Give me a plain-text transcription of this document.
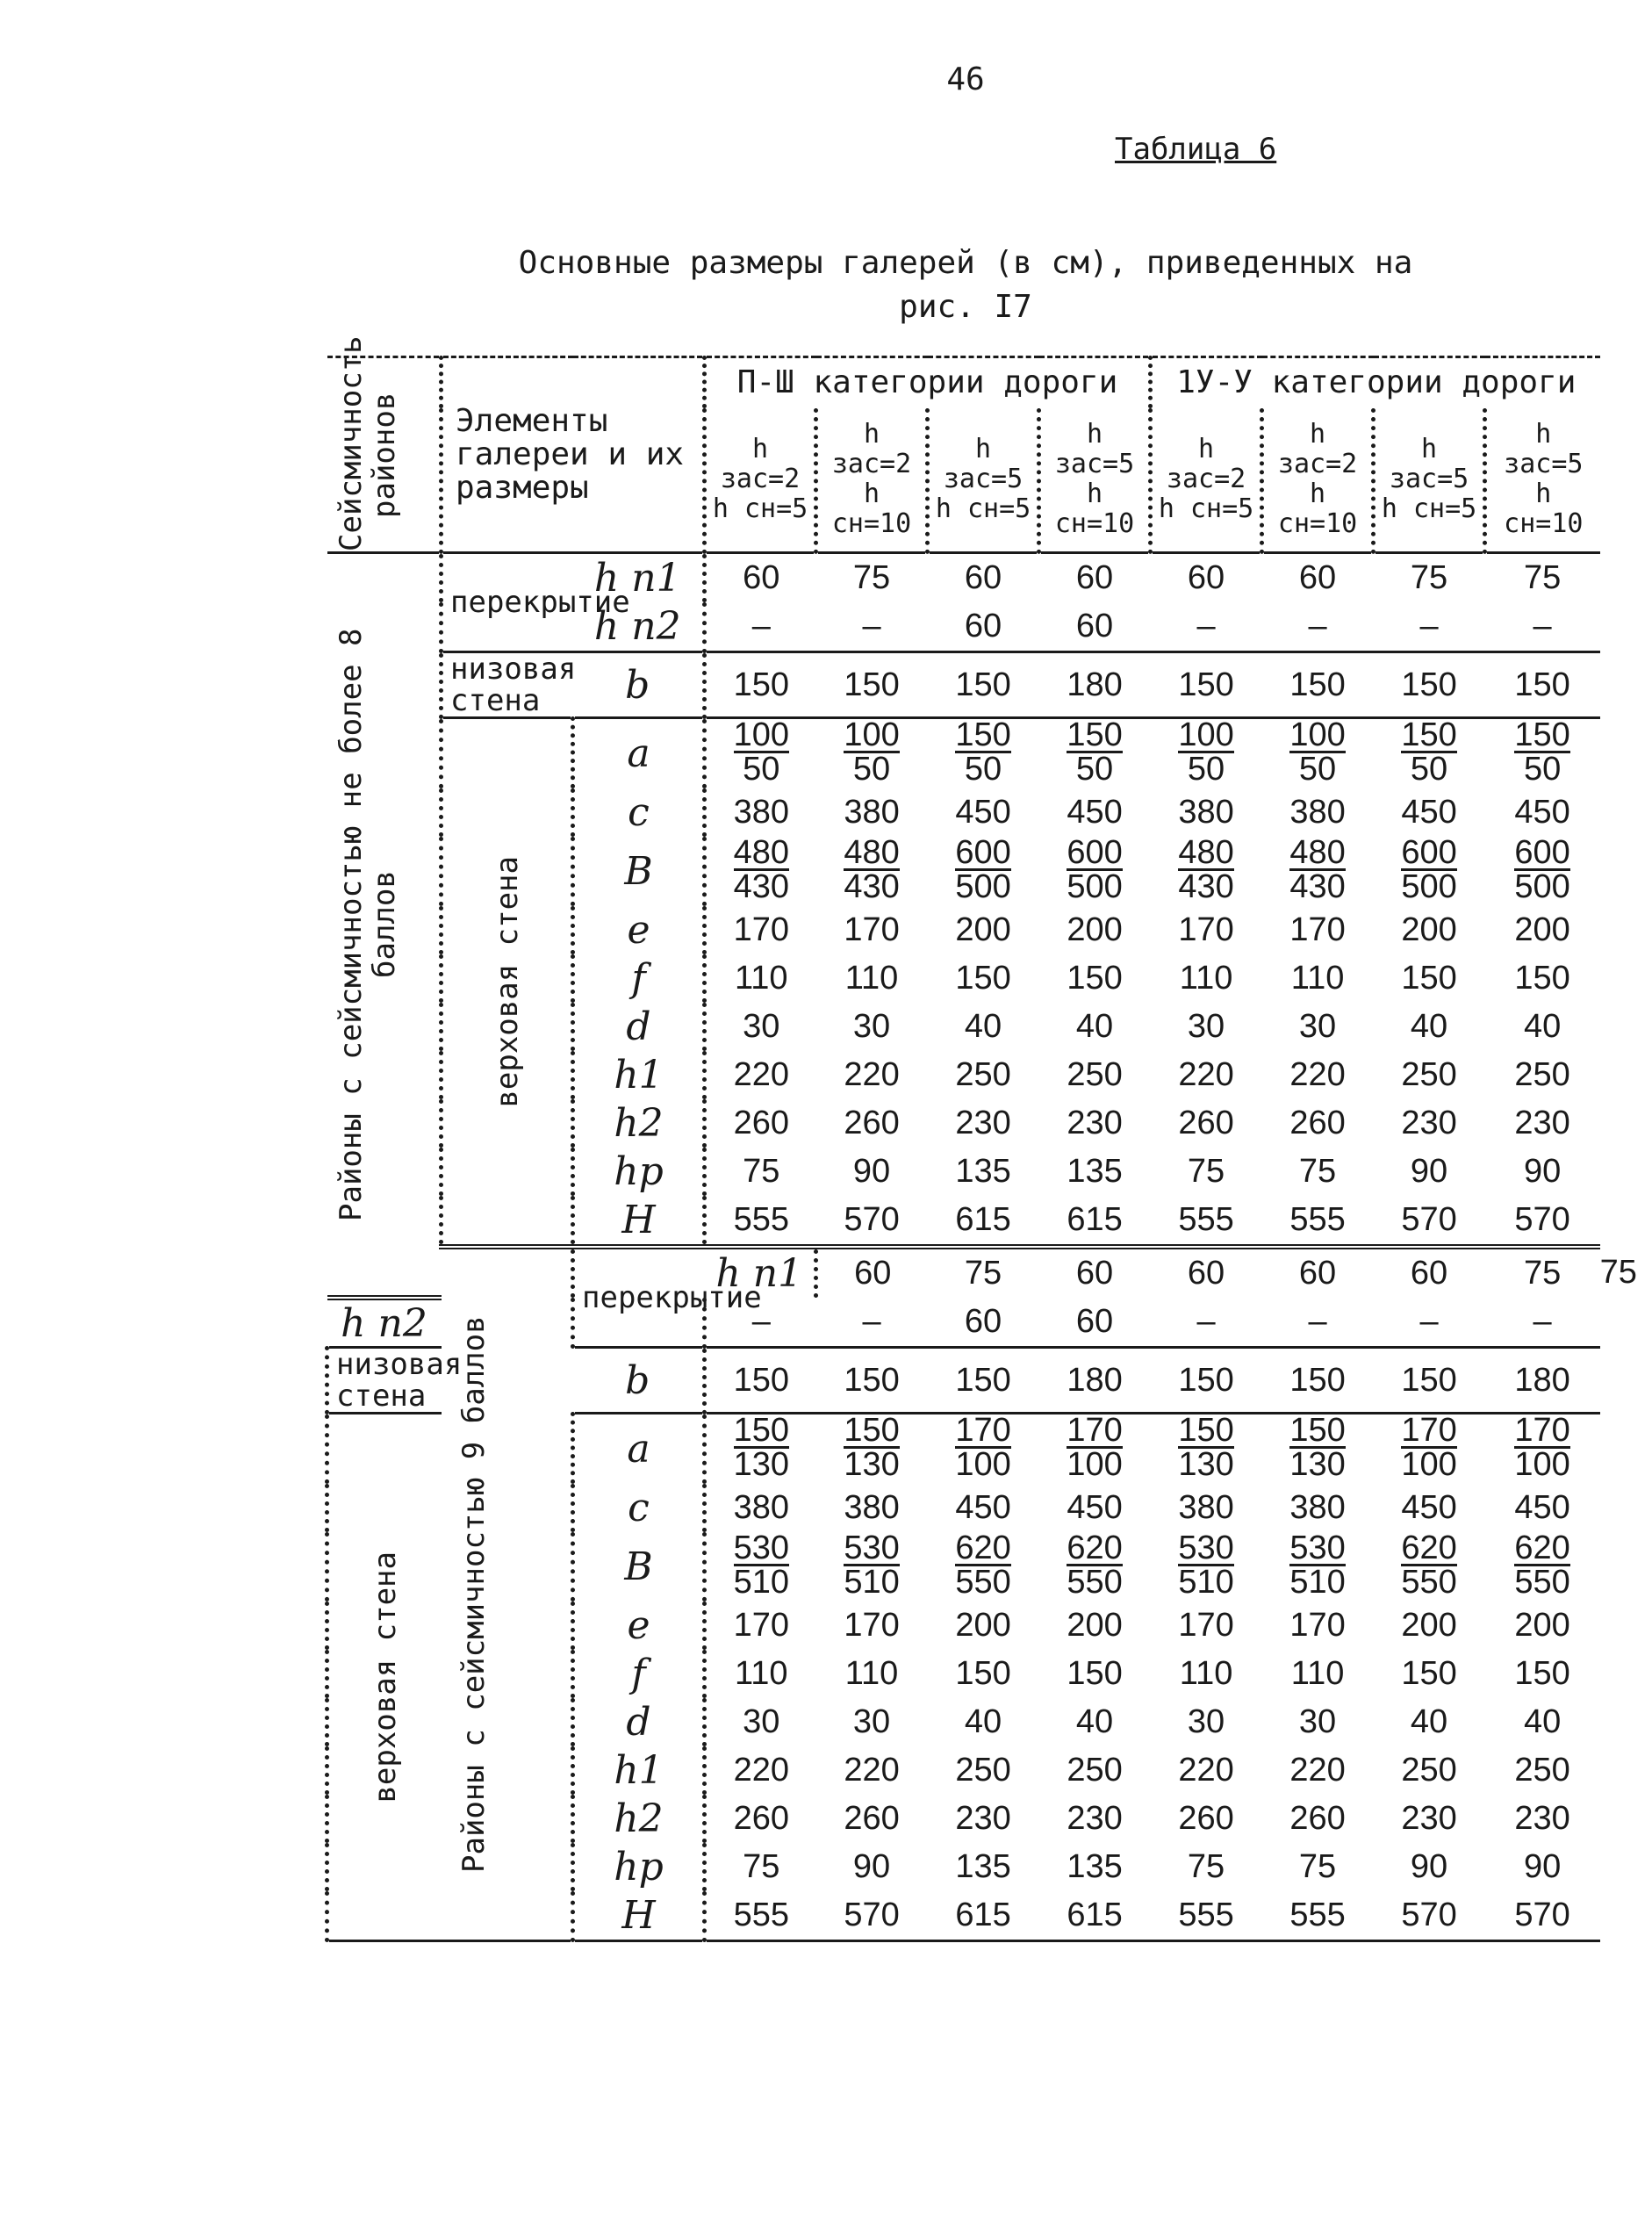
46
Таблица 6
Основные размеры галерей (в см), приведенных на рис. I7
Сейсмичность районов	Элементы галереи и их размеры		П-Ш категории дороги				1У-У категории дороги				
			h зас=2 h сн=5	h зас=2 h сн=10	h зас=5 h сн=5	h зас=5 h сн=10	h зас=2 h сн=5	h зас=2 h сн=10	h зас=5 h сн=5	h зас=5 h сн=10	

Районы с сейсмичностью не более 8 баллов	перекрытие	h п1	60	75	60	60	60	60	75	75	
		h п2	–	–	60	60	–	–	–	–	
	низовая стена	b	150	150	150	180	150	150	150	150	

	верховая стена	a	$\frac{100}{50}$	$\frac{100}{50}$	$\frac{150}{50}$	$\frac{150}{50}$	$\frac{100}{50}$	$\frac{100}{50}$	$\frac{150}{50}$	$\frac{150}{50}$

		c	380	380	450	450	380	380	450	450	
		B	$\frac{480}{430}$	$\frac{480}{430}$	$\frac{600}{500}$	$\frac{600}{500}$	$\frac{480}{430}$	$\frac{480}{430}$	$\frac{600}{500}$	$\frac{600}{500}$

		e	170	170	200	200	170	170	200	200	
		f	110	110	150	150	110	110	150	150	
		d	30	30	40	40	30	30	40	40	
		h1	220	220	250	250	220	220	250	250	
		h2	260	260	230	230	260	260	230	230	
		hp	75	90	135	135	75	75	90	90	
		H	555	570	615	615	555	555	570	570	

	Районы с сейсмичностью 9 баллов	перекрытие	h п1	60	75	60	60	60	60	75	75
h п2			–	–	60	60	–	–	–	–	
низовая стена		b	150	150	150	180	150	150	150	180	

верховая стена		a	$\frac{150}{130}$	$\frac{150}{130}$	$\frac{170}{100}$	$\frac{170}{100}$	$\frac{150}{130}$	$\frac{150}{130}$	$\frac{170}{100}$	$\frac{170}{100}$

		c	380	380	450	450	380	380	450	450	
		B	$\frac{530}{510}$	$\frac{530}{510}$	$\frac{620}{550}$	$\frac{620}{550}$	$\frac{530}{510}$	$\frac{530}{510}$	$\frac{620}{550}$	$\frac{620}{550}$

		e	170	170	200	200	170	170	200	200	
		f	110	110	150	150	110	110	150	150	
		d	30	30	40	40	30	30	40	40	
		h1	220	220	250	250	220	220	250	250	
		h2	260	260	230	230	260	260	230	230	
		hp	75	90	135	135	75	75	90	90	
		H	555	570	615	615	555	555	570	570	
